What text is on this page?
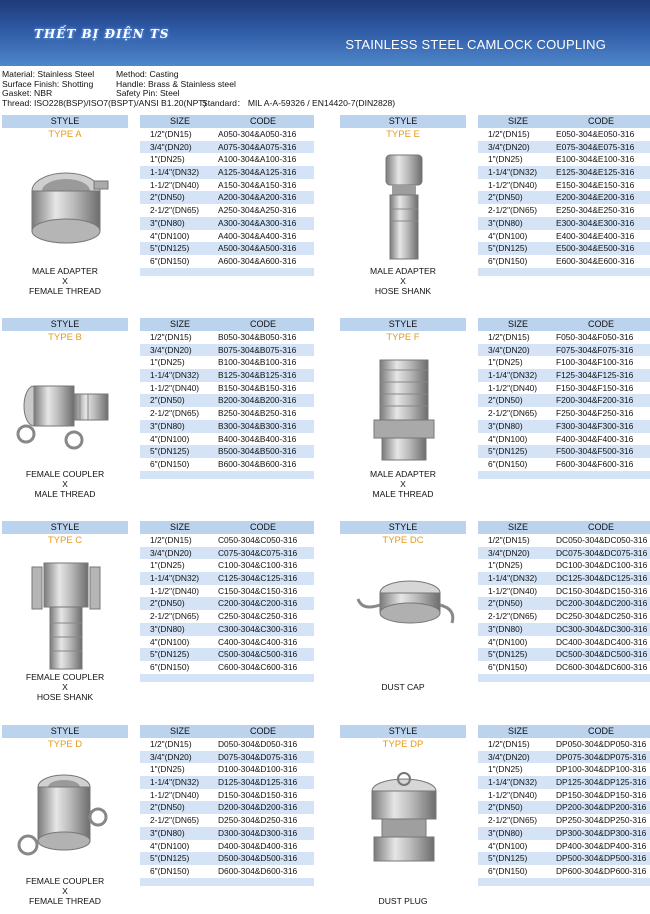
THẾT BỊ ĐIỆN TS
STAINLESS STEEL CAMLOCK COUPLING
Material: Stainless Steel	Method: Casting
Surface Finish: Shotting	Handle: Brass & Stainless steel
Gasket: NBR	Safety Pin: Steel
Thread: ISO228(BSP)/ISO7(BSPT)/ANSI B1.20(NPT)
Standard： MIL A-A-59326 / EN14420-7(DIN2828)
STYLE
TYPE A
MALE ADAPTER
X
FEMALE THREAD
SIZE	CODE
1/2"(DN15)	A050-304&A050-316
3/4"(DN20)	A075-304&A075-316
1"(DN25)	A100-304&A100-316
1-1/4"(DN32) A125-304&A125-316
1-1/2"(DN40) A150-304&A150-316
2"(DN50)	A200-304&A200-316
2-1/2"(DN65) A250-304&A250-316
3"(DN80)	A300-304&A300-316
4"(DN100)	A400-304&A400-316
5"(DN125)	A500-304&A500-316
6"(DN150)	A600-304&A600-316
STYLE
TYPE E
MALE ADAPTER
X
HOSE SHANK
SIZE	CODE
1/2"(DN15)	E050-304&E050-316
3/4"(DN20)	E075-304&E075-316
1"(DN25)	E100-304&E100-316
1-1/4"(DN32) E125-304&E125-316
1-1/2"(DN40) E150-304&E150-316
2"(DN50)	E200-304&E200-316
2-1/2"(DN65) E250-304&E250-316
3"(DN80)	E300-304&E300-316
4"(DN100)	E400-304&E400-316
5"(DN125)	E500-304&E500-316
6"(DN150)	E600-304&E600-316
STYLE
TYPE B
FEMALE COUPLER
X
MALE THREAD
SIZE	CODE
1/2"(DN15)	B050-304&B050-316
3/4"(DN20)	B075-304&B075-316
1"(DN25)	B100-304&B100-316
1-1/4"(DN32) B125-304&B125-316
1-1/2"(DN40) B150-304&B150-316
2"(DN50)	B200-304&B200-316
2-1/2"(DN65) B250-304&B250-316
3"(DN80)	B300-304&B300-316
4"(DN100)	B400-304&B400-316
5"(DN125)	B500-304&B500-316
6"(DN150)	B600-304&B600-316
STYLE
TYPE F
MALE ADAPTER
X
MALE THREAD
SIZE	CODE
1/2"(DN15)	F050-304&F050-316
3/4"(DN20)	F075-304&F075-316
1"(DN25)	F100-304&F100-316
1-1/4"(DN32) F125-304&F125-316
1-1/2"(DN40) F150-304&F150-316
2"(DN50)	F200-304&F200-316
2-1/2"(DN65) F250-304&F250-316
3"(DN80)	F300-304&F300-316
4"(DN100)	F400-304&F400-316
5"(DN125)	F500-304&F500-316
6"(DN150)	F600-304&F600-316
STYLE
TYPE C
FEMALE COUPLER
X
HOSE SHANK
SIZE	CODE
1/2"(DN15)	C050-304&C050-316
3/4"(DN20)	C075-304&C075-316
1"(DN25)	C100-304&C100-316
1-1/4"(DN32) C125-304&C125-316
1-1/2"(DN40) C150-304&C150-316
2"(DN50)	C200-304&C200-316
2-1/2"(DN65) C250-304&C250-316
3"(DN80)	C300-304&C300-316
4"(DN100)	C400-304&C400-316
5"(DN125)	C500-304&C500-316
6"(DN150)	C600-304&C600-316
STYLE
TYPE DC
DUST CAP
SIZE	CODE
1/2"(DN15)	DC050-304&DC050-316
3/4"(DN20)	DC075-304&DC075-316
1"(DN25)	DC100-304&DC100-316
1-1/4"(DN32) DC125-304&DC125-316
1-1/2"(DN40) DC150-304&DC150-316
2"(DN50)	DC200-304&DC200-316
2-1/2"(DN65) DC250-304&DC250-316
3"(DN80)	DC300-304&DC300-316
4"(DN100)	DC400-304&DC400-316
5"(DN125)	DC500-304&DC500-316
6"(DN150)	DC600-304&DC600-316
STYLE
TYPE D
FEMALE COUPLER
X
FEMALE THREAD
SIZE	CODE
1/2"(DN15)	D050-304&D050-316
3/4"(DN20)	D075-304&D075-316
1"(DN25)	D100-304&D100-316
1-1/4"(DN32) D125-304&D125-316
1-1/2"(DN40) D150-304&D150-316
2"(DN50)	D200-304&D200-316
2-1/2"(DN65) D250-304&D250-316
3"(DN80)	D300-304&D300-316
4"(DN100)	D400-304&D400-316
5"(DN125)	D500-304&D500-316
6"(DN150)	D600-304&D600-316
STYLE
TYPE DP
DUST PLUG
SIZE	CODE
1/2"(DN15)	DP050-304&DP050-316
3/4"(DN20)	DP075-304&DP075-316
1"(DN25)	DP100-304&DP100-316
1-1/4"(DN32) DP125-304&DP125-316
1-1/2"(DN40) DP150-304&DP150-316
2"(DN50)	DP200-304&DP200-316
2-1/2"(DN65) DP250-304&DP250-316
3"(DN80)	DP300-304&DP300-316
4"(DN100)	DP400-304&DP400-316
5"(DN125)	DP500-304&DP500-316
6"(DN150)	DP600-304&DP600-316
